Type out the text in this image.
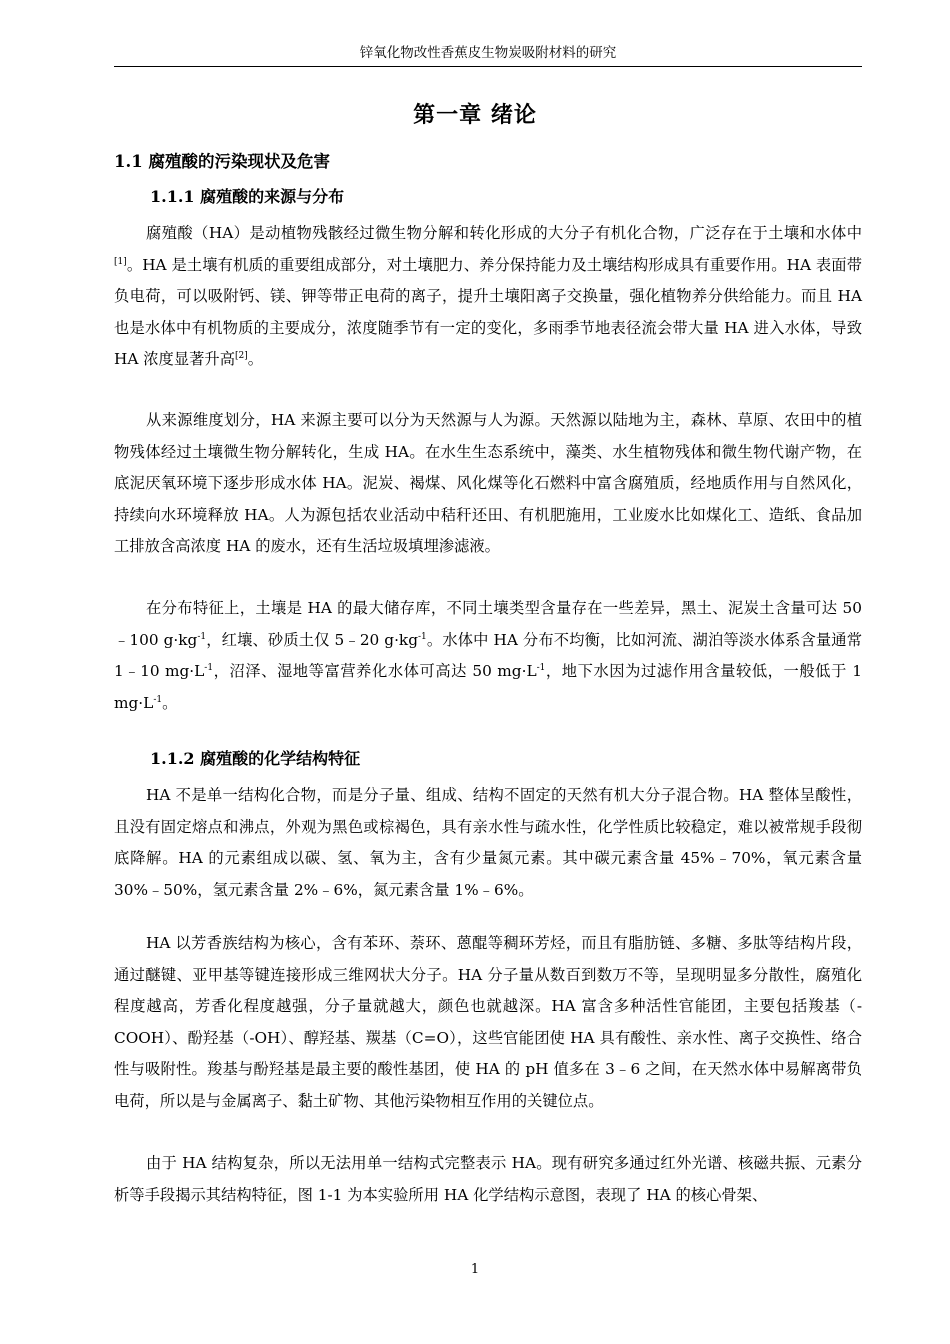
锌氧化物改性香蕉皮生物炭吸附材料的研究
第一章 绪论
1.1 腐殖酸的污染现状及危害
1.1.1 腐殖酸的来源与分布

腐殖酸（HA）是动植物残骸经过微生物分解和转化形成的大分子有机化合物，广泛存在于土壤和水体中[1]。HA 是土壤有机质的重要组成部分，对土壤肥力、养分保持能力及土壤结构形成具有重要作用。HA 表面带负电荷，可以吸附钙、镁、钾等带正电荷的离子，提升土壤阳离子交换量，强化植物养分供给能力。而且 HA 也是水体中有机物质的主要成分，浓度随季节有一定的变化，多雨季节地表径流会带大量 HA 进入水体，导致 HA 浓度显著升高[2]。

从来源维度划分，HA 来源主要可以分为天然源与人为源。天然源以陆地为主，森林、草原、农田中的植物残体经过土壤微生物分解转化，生成 HA。在水生生态系统中，藻类、水生植物残体和微生物代谢产物，在底泥厌氧环境下逐步形成水体 HA。泥炭、褐煤、风化煤等化石燃料中富含腐殖质，经地质作用与自然风化，持续向水环境释放 HA。人为源包括农业活动中秸秆还田、有机肥施用，工业废水比如煤化工、造纸、食品加工排放含高浓度 HA 的废水，还有生活垃圾填埋渗滤液。

在分布特征上，土壤是 HA 的最大储存库，不同土壤类型含量存在一些差异，黑土、泥炭土含量可达 50﹣100 $g\cdot kg^{-1}$，红壤、砂质土仅 5﹣20 $g\cdot kg^{-1}$。水体中 HA 分布不均衡，比如河流、湖泊等淡水体系含量通常 1﹣10 $mg\cdot L^{-1}$，沼泽、湿地等富营养化水体可高达 50 $mg\cdot L^{-1}$，地下水因为过滤作用含量较低，一般低于 1 $mg\cdot L^{-1}$。

1.1.2 腐殖酸的化学结构特征

HA 不是单一结构化合物，而是分子量、组成、结构不固定的天然有机大分子混合物。HA 整体呈酸性，且没有固定熔点和沸点，外观为黑色或棕褐色，具有亲水性与疏水性，化学性质比较稳定，难以被常规手段彻底降解。HA 的元素组成以碳、氢、氧为主，含有少量氮元素。其中碳元素含量 45%﹣70%，氧元素含量 30%﹣50%，氢元素含量 2%﹣6%，氮元素含量 1%﹣6%。

HA 以芳香族结构为核心，含有苯环、萘环、蒽醌等稠环芳烃，而且有脂肪链、多糖、多肽等结构片段，通过醚键、亚甲基等键连接形成三维网状大分子。HA 分子量从数百到数万不等，呈现明显多分散性，腐殖化程度越高，芳香化程度越强，分子量就越大，颜色也就越深。HA 富含多种活性官能团，主要包括羧基（-COOH）、酚羟基（-OH）、醇羟基、羰基（C=O），这些官能团使 HA 具有酸性、亲水性、离子交换性、络合性与吸附性。羧基与酚羟基是最主要的酸性基团，使 HA 的 pH 值多在 3﹣6 之间，在天然水体中易解离带负电荷，所以是与金属离子、黏土矿物、其他污染物相互作用的关键位点。

由于 HA 结构复杂，所以无法用单一结构式完整表示 HA。现有研究多通过红外光谱、核磁共振、元素分析等手段揭示其结构特征，图 1-1 为本实验所用 HA 化学结构示意图，表现了 HA 的核心骨架、

1
